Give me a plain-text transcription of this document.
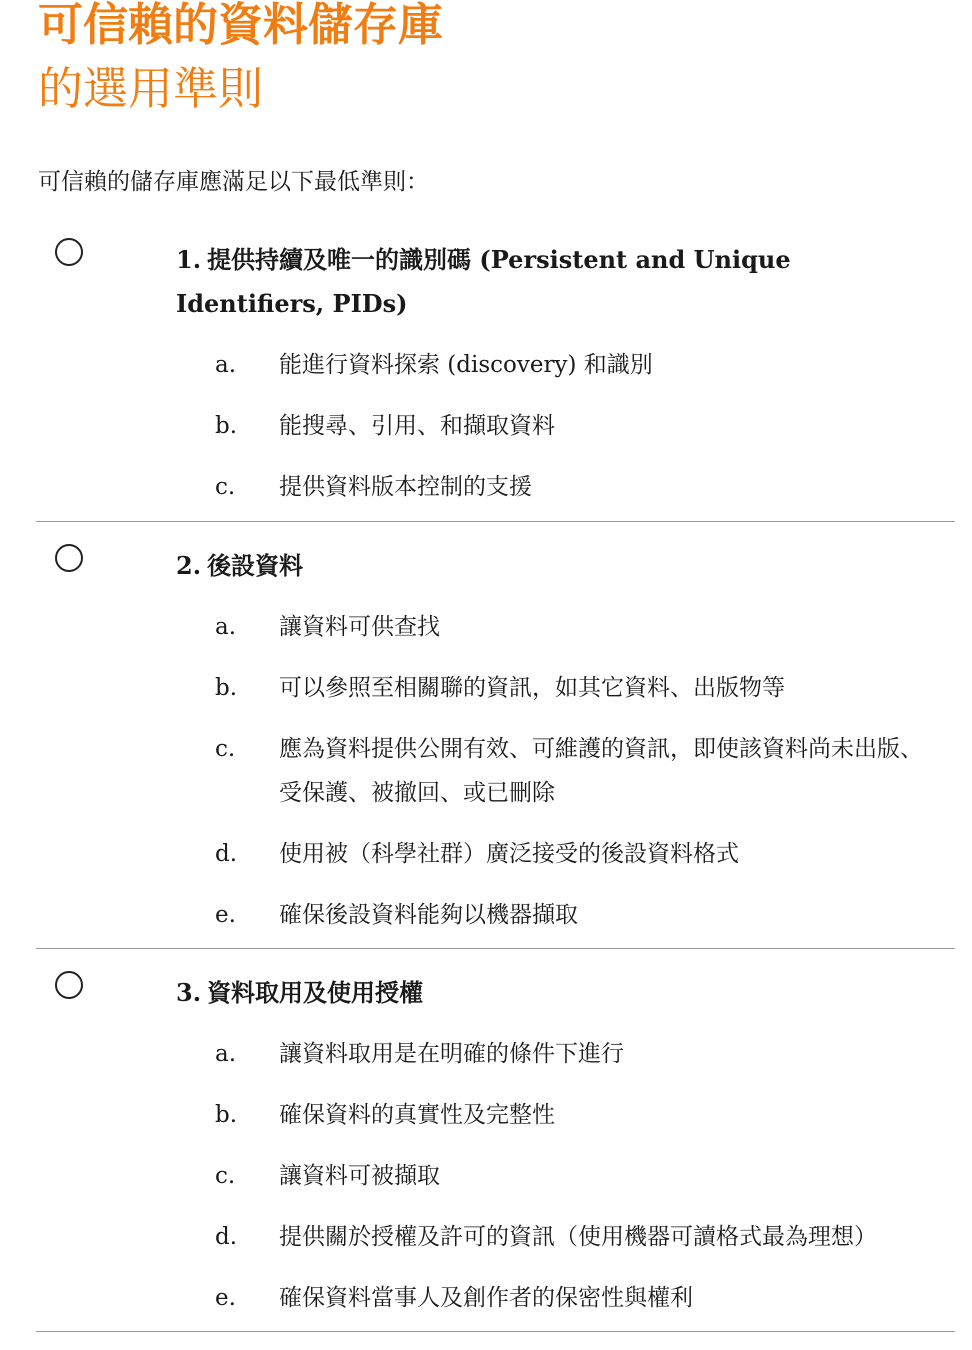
可信賴的資料儲存庫
的選用準則
可信賴的儲存庫應滿足以下最低準則：
1. 提供持續及唯一的識別碼 (Persistent and Unique Identifiers, PIDs)
a. 能進行資料探索 (discovery) 和識別
b. 能搜尋、引用、和擷取資料
c. 提供資料版本控制的支援
2. 後設資料
a. 讓資料可供查找
b. 可以參照至相關聯的資訊，如其它資料、出版物等
c. 應為資料提供公開有效、可維護的資訊，即使該資料尚未出版、受保護、被撤回、或已刪除
d. 使用被（科學社群）廣泛接受的後設資料格式
e. 確保後設資料能夠以機器擷取
3. 資料取用及使用授權
a. 讓資料取用是在明確的條件下進行
b. 確保資料的真實性及完整性
c. 讓資料可被擷取
d. 提供關於授權及許可的資訊（使用機器可讀格式最為理想）
e. 確保資料當事人及創作者的保密性與權利
